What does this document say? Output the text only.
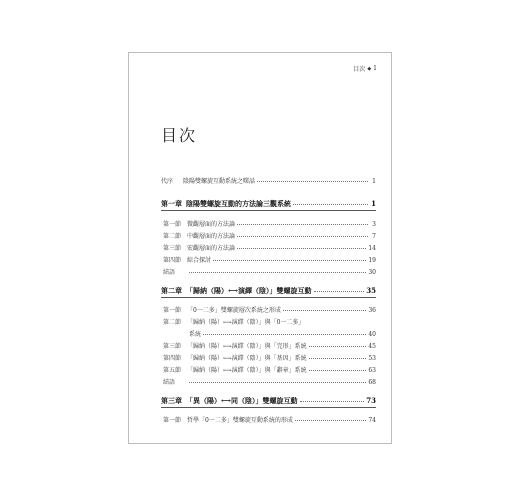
目次 ◆ 1
目次
代序 陰陽雙螺旋互動系統之曙話	1
第一章 陰陽雙螺旋互動的方法論三觀系統	1
第一節 微觀層面的方法論	3
第二節 中觀層面的方法論	7
第三節 宏觀層面的方法論	14
第四節 綜合探討	19
結語	30
第二章 「歸納（陽）⟷演繹（陰）」雙螺旋互動	35
第一節 「0一二多」雙螺旋層次系統之形成	36
第二節 「歸納（陽）⟷演繹（陰）」與「0一二多」
系統	40
第三節 「歸納（陽）⟷演繹（陰）」與「完形」系統	45
第四節 「歸納（陽）⟷演繹（陰）」與「基因」系統	53
第五節 「歸納（陽）⟷演繹（陰）」與「辭章」系統	63
結語	68
第三章 「異（陽）⟷同（陰）」雙螺旋互動	73
第一節 哲學「0一二多」雙螺旋互動系統的形成	74
